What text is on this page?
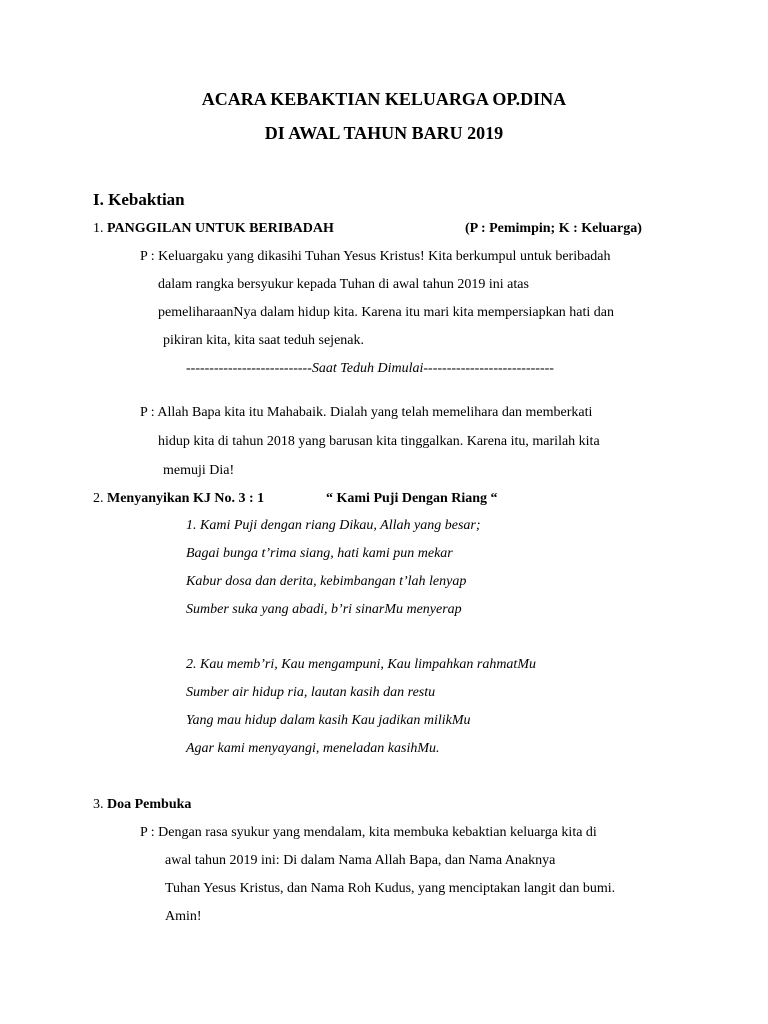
ACARA KEBAKTIAN KELUARGA OP.DINA
DI AWAL TAHUN BARU 2019
I. Kebaktian
1. PANGGILAN UNTUK BERIBADAH	(P : Pemimpin; K : Keluarga)
P : Keluargaku yang dikasihi Tuhan Yesus Kristus! Kita berkumpul untuk beribadah
dalam rangka bersyukur kepada Tuhan di awal tahun 2019 ini atas
pemeliharaanNya dalam hidup kita. Karena itu mari kita mempersiapkan hati dan
pikiran kita, kita saat teduh sejenak.
---------------------------Saat Teduh Dimulai----------------------------
P : Allah Bapa kita itu Mahabaik. Dialah yang telah memelihara dan memberkati
hidup kita di tahun 2018 yang barusan kita tinggalkan. Karena itu, marilah kita
memuji Dia!
2. Menyanyikan KJ No. 3 : 1	“ Kami Puji Dengan Riang “
1. Kami Puji dengan riang Dikau, Allah yang besar;
Bagai bunga t’rima siang, hati kami pun mekar
Kabur dosa dan derita, kebimbangan t’lah lenyap
Sumber suka yang abadi, b’ri sinarMu menyerap
2. Kau memb’ri, Kau mengampuni, Kau limpahkan rahmatMu
Sumber air hidup ria, lautan kasih dan restu
Yang mau hidup dalam kasih Kau jadikan milikMu
Agar kami menyayangi, meneladan kasihMu.
3. Doa Pembuka
P : Dengan rasa syukur yang mendalam, kita membuka kebaktian keluarga kita di
awal tahun 2019 ini: Di dalam Nama Allah Bapa, dan Nama Anaknya
Tuhan Yesus Kristus, dan Nama Roh Kudus, yang menciptakan langit dan bumi.
Amin!
